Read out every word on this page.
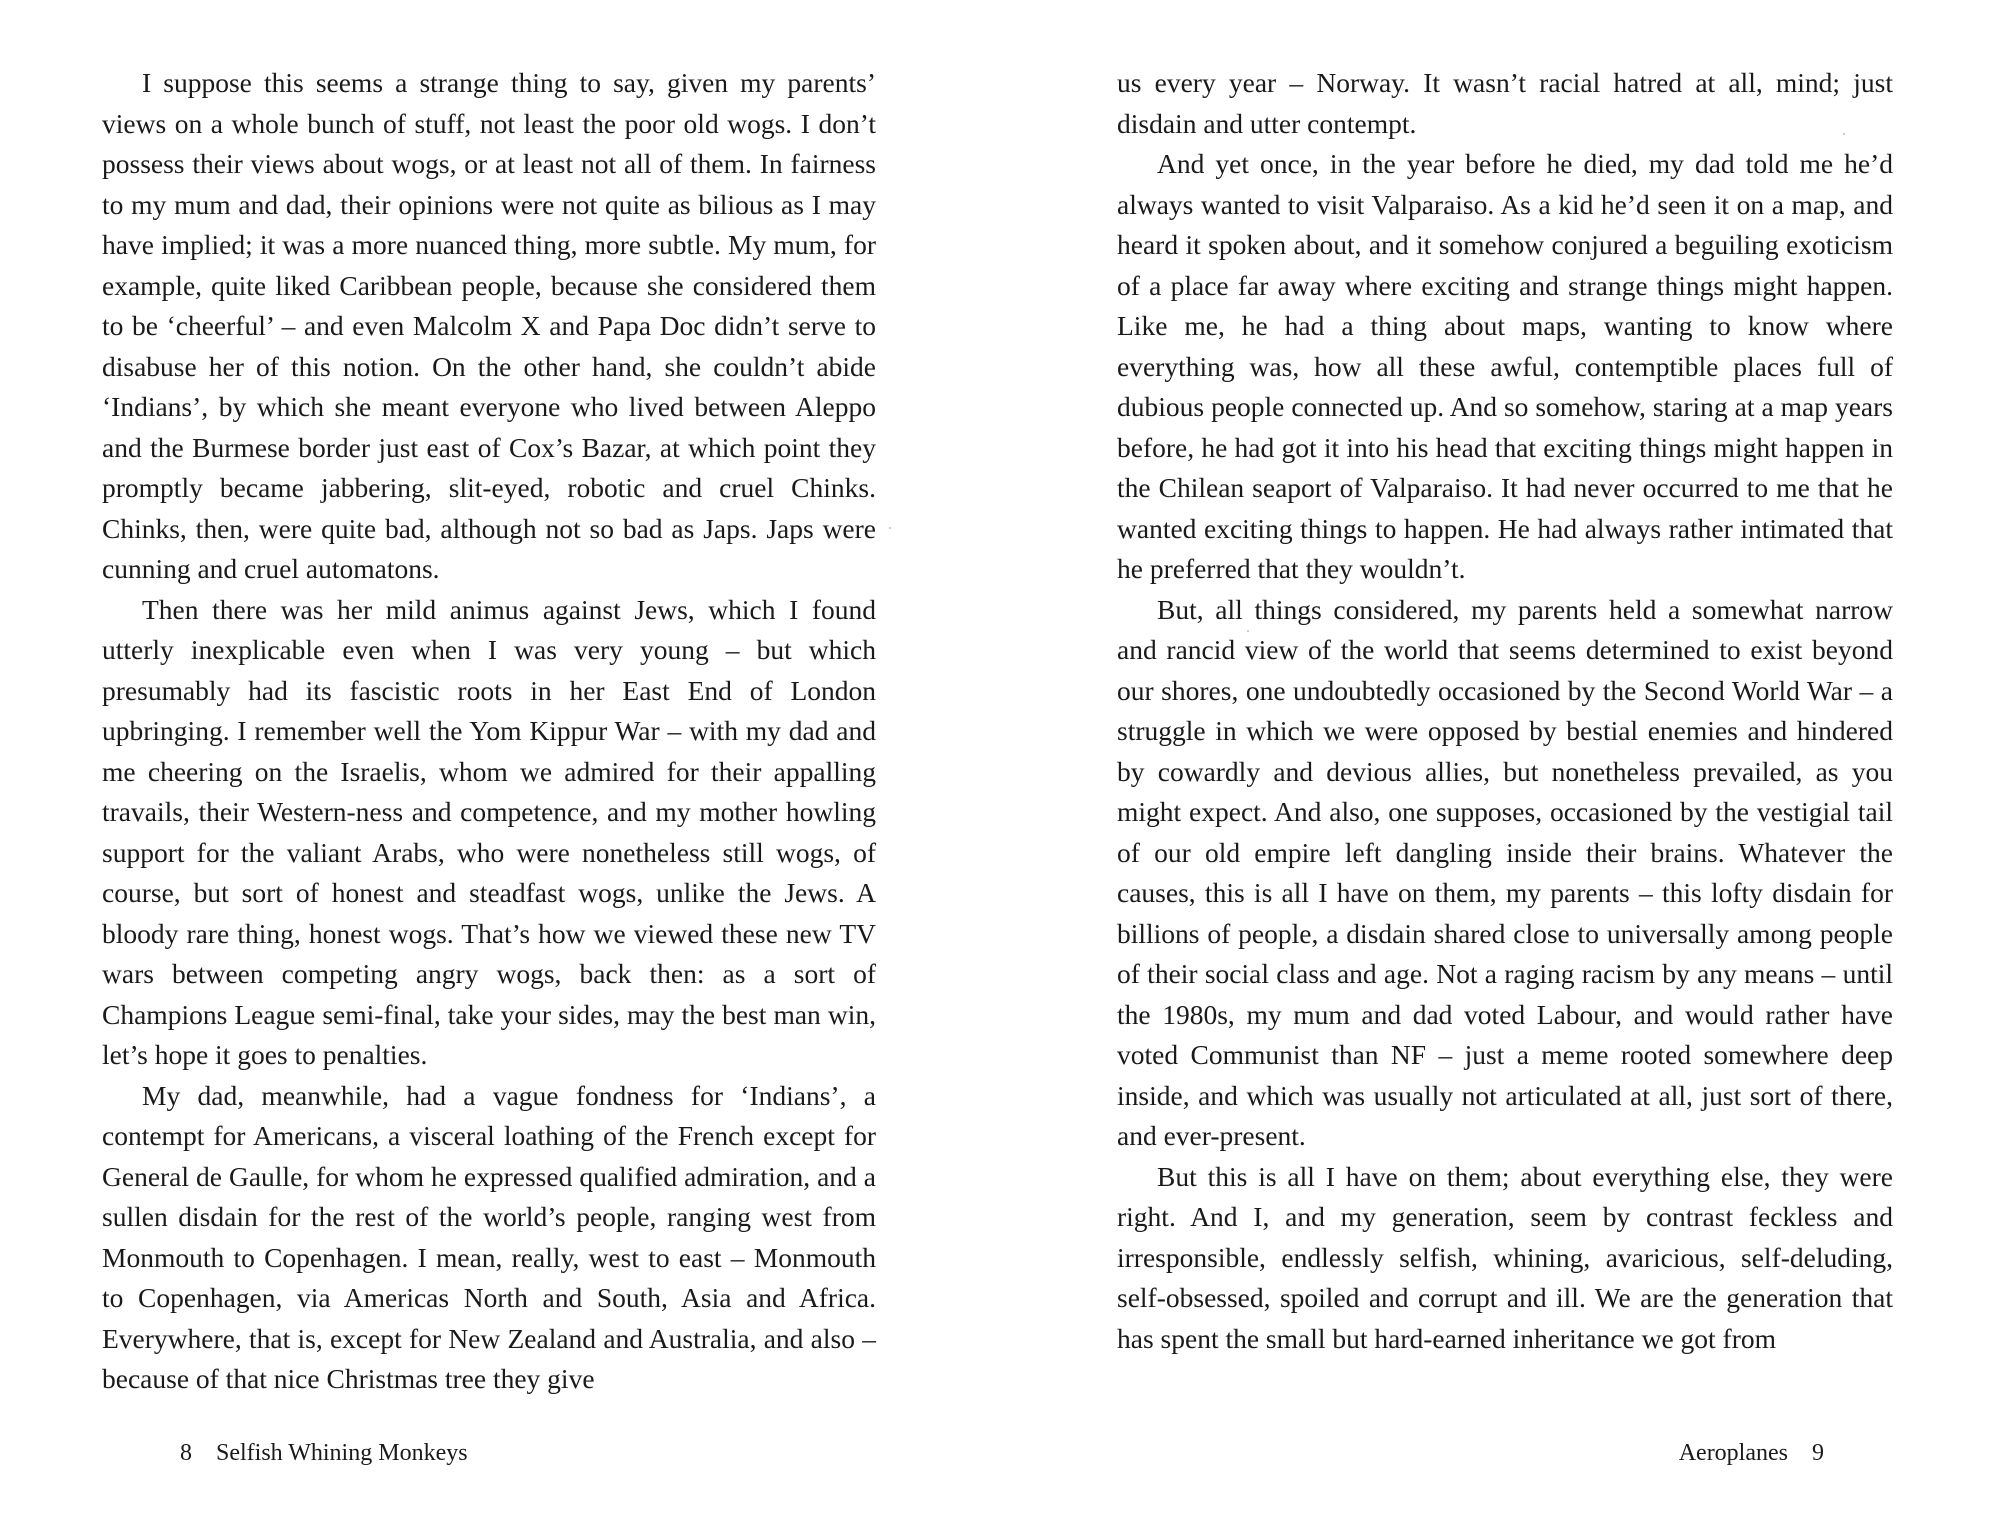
I suppose this seems a strange thing to say, given my parents’ views on a whole bunch of stuff, not least the poor old wogs. I don’t possess their views about wogs, or at least not all of them. In fairness to my mum and dad, their opinions were not quite as bilious as I may have implied; it was a more nuanced thing, more subtle. My mum, for example, quite liked Caribbean people, because she considered them to be ‘cheerful’ – and even Malcolm X and Papa Doc didn’t serve to disabuse her of this notion. On the other hand, she couldn’t abide ‘Indians’, by which she meant everyone who lived between Aleppo and the Burmese border just east of Cox’s Bazar, at which point they promptly became jabbering, slit-eyed, robotic and cruel Chinks. Chinks, then, were quite bad, although not so bad as Japs. Japs were cunning and cruel automatons.

Then there was her mild animus against Jews, which I found utterly inexplicable even when I was very young – but which presumably had its fascistic roots in her East End of London upbringing. I remember well the Yom Kippur War – with my dad and me cheering on the Israelis, whom we admired for their appalling travails, their Western-ness and competence, and my mother howling support for the valiant Arabs, who were nonetheless still wogs, of course, but sort of honest and steadfast wogs, unlike the Jews. A bloody rare thing, honest wogs. That’s how we viewed these new TV wars between competing angry wogs, back then: as a sort of Champions League semi-final, take your sides, may the best man win, let’s hope it goes to penalties.

My dad, meanwhile, had a vague fondness for ‘Indians’, a contempt for Americans, a visceral loathing of the French except for General de Gaulle, for whom he expressed qualified admiration, and a sullen disdain for the rest of the world’s people, ranging west from Monmouth to Copenhagen. I mean, really, west to east – Monmouth to Copenhagen, via Americas North and South, Asia and Africa. Everywhere, that is, except for New Zealand and Australia, and also – because of that nice Christmas tree they give

8 Selfish Whining Monkeys

us every year – Norway. It wasn’t racial hatred at all, mind; just disdain and utter contempt.

And yet once, in the year before he died, my dad told me he’d always wanted to visit Valparaiso. As a kid he’d seen it on a map, and heard it spoken about, and it somehow conjured a beguiling exoticism of a place far away where exciting and strange things might happen. Like me, he had a thing about maps, wanting to know where everything was, how all these awful, contemptible places full of dubious people connected up. And so somehow, staring at a map years before, he had got it into his head that exciting things might happen in the Chilean seaport of Valparaiso. It had never occurred to me that he wanted exciting things to happen. He had always rather intimated that he preferred that they wouldn’t.

But, all things considered, my parents held a somewhat narrow and rancid view of the world that seems determined to exist beyond our shores, one undoubtedly occasioned by the Second World War – a struggle in which we were opposed by bestial enemies and hindered by cowardly and devious allies, but nonetheless prevailed, as you might expect. And also, one supposes, occasioned by the vestigial tail of our old empire left dangling inside their brains. Whatever the causes, this is all I have on them, my parents – this lofty disdain for billions of people, a disdain shared close to universally among people of their social class and age. Not a raging racism by any means – until the 1980s, my mum and dad voted Labour, and would rather have voted Communist than NF – just a meme rooted somewhere deep inside, and which was usually not articulated at all, just sort of there, and ever-present.

But this is all I have on them; about everything else, they were right. And I, and my generation, seem by contrast feckless and irresponsible, endlessly selfish, whining, avaricious, self-deluding, self-obsessed, spoiled and corrupt and ill. We are the generation that has spent the small but hard-earned inheritance we got from

Aeroplanes 9
